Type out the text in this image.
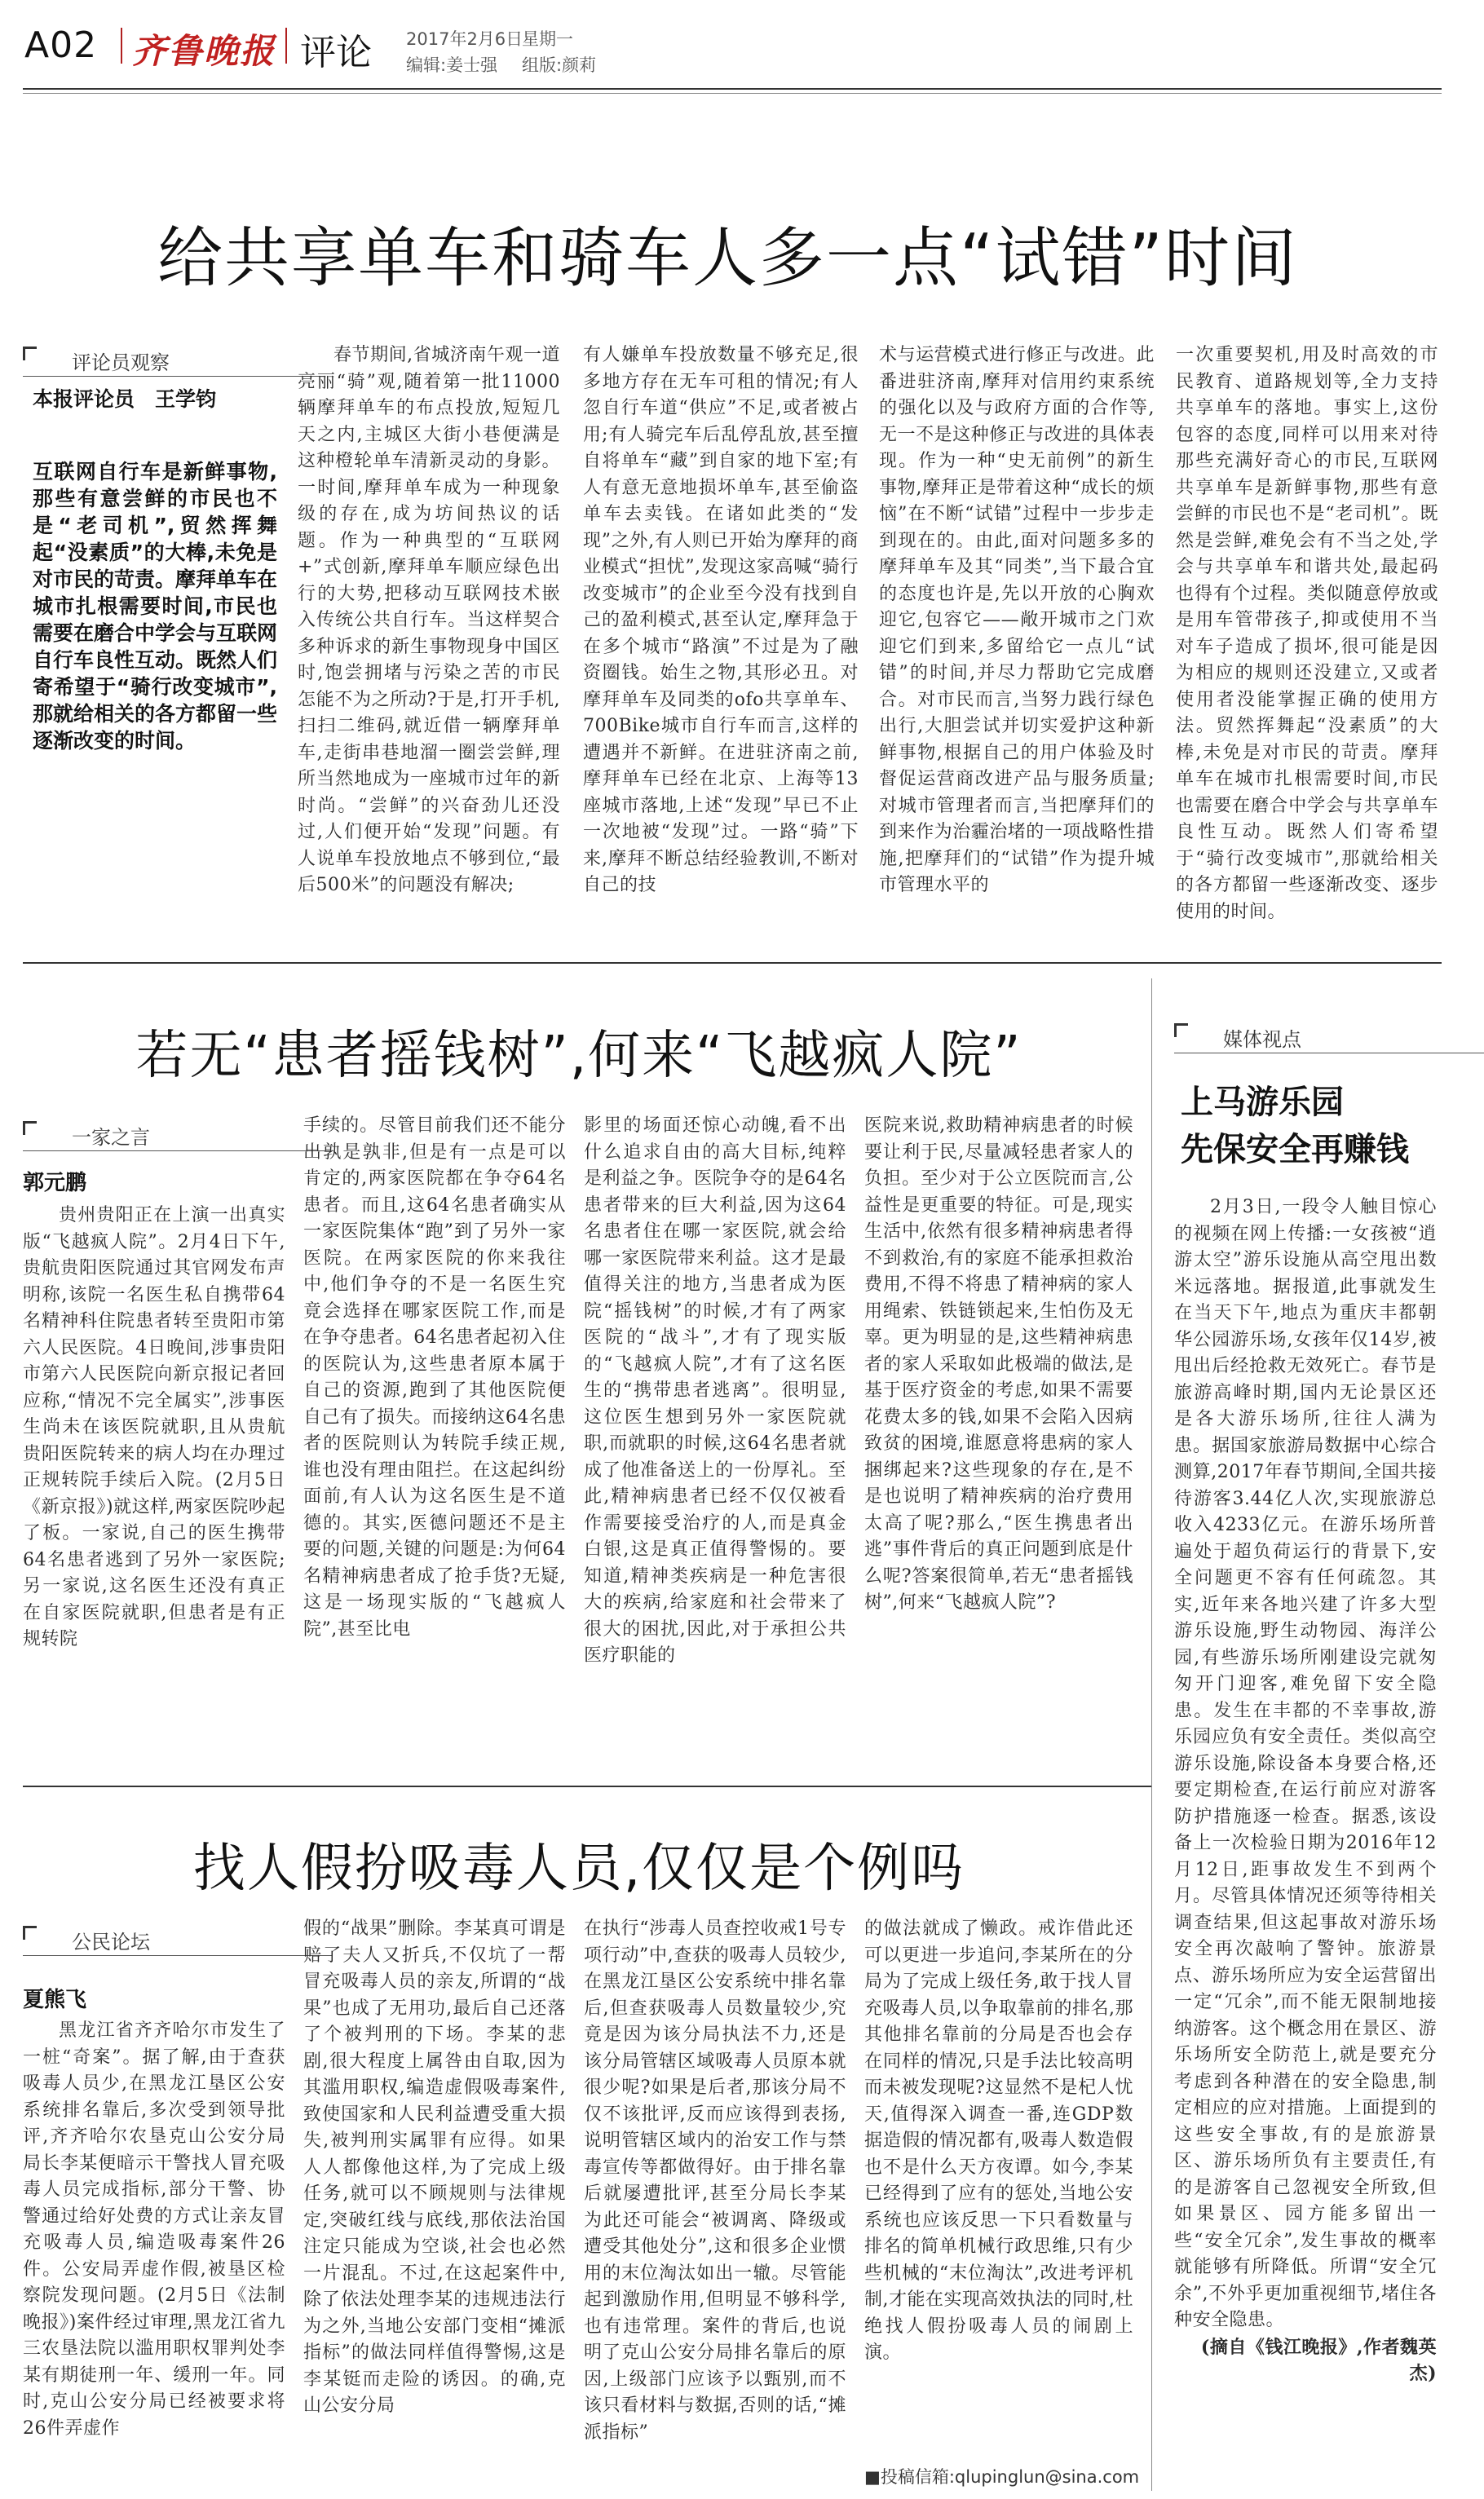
A02 齐鲁晚报 评论 2017年2月6日
星期一
编辑:姜士强 组版:颜莉
给共享单车和骑车人多一点“试错”时间
评论员观察
本报评论员　王学钧
互联网自行车是新鲜事物,那些有意尝鲜的市民也不是“老司机”,贸然挥舞起“没素质”的大棒,未免是对市民的苛责。摩拜单车在城市扎根需要时间,市民也需要在磨合中学会与互联网自行车良性互动。既然人们寄希望于“骑行改变城市”,那就给相关的各方都留一些逐渐改变的时间。

春节期间,省城济南午观一道亮丽“骑”观,随着第一批11000辆摩拜单车的布点投放,短短几天之内,主城区大街小巷便满是这种橙轮单车清新灵动的身影。一时间,摩拜单车成为一种现象级的存在,成为坊间热议的话题。作为一种典型的“互联网+”式创新,摩拜单车顺应绿色出行的大势,把移动互联网技术嵌入传统公共自行车。当这样契合多种诉求的新生事物现身中国区时,饱尝拥堵与污染之苦的市民怎能不为之所动?于是,打开手机,扫扫二维码,就近借一辆摩拜单车,走街串巷地溜一圈尝尝鲜,理所当然地成为一座城市过年的新时尚。“尝鲜”的兴奋劲儿还没过,人们便开始“发现”问题。有人说单车投放地点不够到位,“最后500米”的问题没有解决;

有人嫌单车投放数量不够充足,很多地方存在无车可租的情况;有人忽自行车道“供应”不足,或者被占用;有人骑完车后乱停乱放,甚至擅自将单车“藏”到自家的地下室;有人有意无意地损坏单车,甚至偷盗单车去卖钱。在诸如此类的“发现”之外,有人则已开始为摩拜的商业模式“担忧”,发现这家高喊“骑行改变城市”的企业至今没有找到自己的盈利模式,甚至认定,摩拜急于在多个城市“路演”不过是为了融资圈钱。始生之物,其形必丑。对摩拜单车及同类的ofo共享单车、700Bike城市自行车而言,这样的遭遇并不新鲜。在进驻济南之前,摩拜单车已经在北京、上海等13座城市落地,上述“发现”早已不止一次地被“发现”过。一路“骑”下来,摩拜不断总结经验教训,不断对自己的技

术与运营模式进行修正与改进。此番进驻济南,摩拜对信用约束系统的强化以及与政府方面的合作等,无一不是这种修正与改进的具体表现。作为一种“史无前例”的新生事物,摩拜正是带着这种“成长的烦恼”在不断“试错”过程中一步步走到现在的。由此,面对问题多多的摩拜单车及其“同类”,当下最合宜的态度也许是,先以开放的心胸欢迎它,包容它——敞开城市之门欢迎它们到来,多留给它一点儿“试错”的时间,并尽力帮助它完成磨合。对市民而言,当努力践行绿色出行,大胆尝试并切实爱护这种新鲜事物,根据自己的用户体验及时督促运营商改进产品与服务质量;对城市管理者而言,当把摩拜们的到来作为治霾治堵的一项战略性措施,把摩拜们的“试错”作为提升城市管理水平的

一次重要契机,用及时高效的市民教育、道路规划等,全力支持共享单车的落地。事实上,这份包容的态度,同样可以用来对待那些充满好奇心的市民,互联网共享单车是新鲜事物,那些有意尝鲜的市民也不是“老司机”。既然是尝鲜,难免会有不当之处,学会与共享单车和谐共处,最起码也得有个过程。类似随意停放或是用车管带孩子,抑或使用不当对车子造成了损坏,很可能是因为相应的规则还没建立,又或者使用者没能掌握正确的使用方法。贸然挥舞起“没素质”的大棒,未免是对市民的苛责。摩拜单车在城市扎根需要时间,市民也需要在磨合中学会与共享单车良性互动。既然人们寄希望于“骑行改变城市”,那就给相关的各方都留一些逐渐改变、逐步使用的时间。

若无“患者摇钱树”,何来“飞越疯人院”
一家之言
郭元鹏

贵州贵阳正在上演一出真实版“飞越疯人院”。2月4日下午,贵航贵阳医院通过其官网发布声明称,该院一名医生私自携带64名精神科住院患者转至贵阳市第六人民医院。4日晚间,涉事贵阳市第六人民医院向新京报记者回应称,“情况不完全属实”,涉事医生尚未在该医院就职,且从贵航贵阳医院转来的病人均在办理过正规转院手续后入院。(2月5日《新京报》)就这样,两家医院吵起了板。一家说,自己的医生携带64名患者逃到了另外一家医院;另一家说,这名医生还没有真正在自家医院就职,但患者是有正规转院

手续的。尽管目前我们还不能分出孰是孰非,但是有一点是可以肯定的,两家医院都在争夺64名患者。而且,这64名患者确实从一家医院集体“跑”到了另外一家医院。在两家医院的你来我往中,他们争夺的不是一名医生究竟会选择在哪家医院工作,而是在争夺患者。64名患者起初入住的医院认为,这些患者原本属于自己的资源,跑到了其他医院便自己有了损失。而接纳这64名患者的医院则认为转院手续正规,谁也没有理由阻拦。在这起纠纷面前,有人认为这名医生是不道德的。其实,医德问题还不是主要的问题,关键的问题是:为何64名精神病患者成了抢手货?无疑,这是一场现实版的“飞越疯人院”,甚至比电

影里的场面还惊心动魄,看不出什么追求自由的高大目标,纯粹是利益之争。医院争夺的是64名患者带来的巨大利益,因为这64名患者住在哪一家医院,就会给哪一家医院带来利益。这才是最值得关注的地方,当患者成为医院“摇钱树”的时候,才有了两家医院的“战斗”,才有了现实版的“飞越疯人院”,才有了这名医生的“携带患者逃离”。很明显,这位医生想到另外一家医院就职,而就职的时候,这64名患者就成了他准备送上的一份厚礼。至此,精神病患者已经不仅仅被看作需要接受治疗的人,而是真金白银,这是真正值得警惕的。要知道,精神类疾病是一种危害很大的疾病,给家庭和社会带来了很大的困扰,因此,对于承担公共医疗职能的

医院来说,救助精神病患者的时候要让利于民,尽量减轻患者家人的负担。至少对于公立医院而言,公益性是更重要的特征。可是,现实生活中,依然有很多精神病患者得不到救治,有的家庭不能承担救治费用,不得不将患了精神病的家人用绳索、铁链锁起来,生怕伤及无辜。更为明显的是,这些精神病患者的家人采取如此极端的做法,是基于医疗资金的考虑,如果不需要花费太多的钱,如果不会陷入因病致贫的困境,谁愿意将患病的家人捆绑起来?这些现象的存在,是不是也说明了精神疾病的治疗费用太高了呢?那么,“医生携患者出逃”事件背后的真正问题到底是什么呢?答案很简单,若无“患者摇钱树”,何来“飞越疯人院”?

找人假扮吸毒人员,仅仅是个例吗
公民论坛
夏熊飞

黑龙江省齐齐哈尔市发生了一桩“奇案”。据了解,由于查获吸毒人员少,在黑龙江垦区公安系统排名靠后,多次受到领导批评,齐齐哈尔农垦克山公安分局局长李某便暗示干警找人冒充吸毒人员完成指标,部分干警、协警通过给好处费的方式让亲友冒充吸毒人员,编造吸毒案件26件。公安局弄虚作假,被垦区检察院发现问题。(2月5日《法制晚报》)案件经过审理,黑龙江省九三农垦法院以滥用职权罪判处李某有期徒刑一年、缓刑一年。同时,克山公安分局已经被要求将26件弄虚作

假的“战果”删除。李某真可谓是赔了夫人又折兵,不仅坑了一帮冒充吸毒人员的亲友,所谓的“战果”也成了无用功,最后自己还落了个被判刑的下场。李某的悲剧,很大程度上属咎由自取,因为其滥用职权,编造虚假吸毒案件,致使国家和人民利益遭受重大损失,被判刑实属罪有应得。如果人人都像他这样,为了完成上级任务,就可以不顾规则与法律规定,突破红线与底线,那依法治国注定只能成为空谈,社会也必然一片混乱。不过,在这起案件中,除了依法处理李某的违规违法行为之外,当地公安部门变相“摊派指标”的做法同样值得警惕,这是李某铤而走险的诱因。的确,克山公安分局

在执行“涉毒人员查控收戒1号专项行动”中,查获的吸毒人员较少,在黑龙江垦区公安系统中排名靠后,但查获吸毒人员数量较少,究竟是因为该分局执法不力,还是该分局管辖区域吸毒人员原本就很少呢?如果是后者,那该分局不仅不该批评,反而应该得到表扬,说明管辖区域内的治安工作与禁毒宣传等都做得好。由于排名靠后就屡遭批评,甚至分局长李某为此还可能会“被调离、降级或遭受其他处分”,这和很多企业惯用的末位淘汰如出一辙。尽管能起到激励作用,但明显不够科学,也有违常理。案件的背后,也说明了克山公安分局排名靠后的原因,上级部门应该予以甄别,而不该只看材料与数据,否则的话,“摊派指标”

的做法就成了懒政。戒诈借此还可以更进一步追问,李某所在的分局为了完成上级任务,敢于找人冒充吸毒人员,以争取靠前的排名,那其他排名靠前的分局是否也会存在同样的情况,只是手法比较高明而未被发现呢?这显然不是杞人忧天,值得深入调查一番,连GDP数据造假的情况都有,吸毒人数造假也不是什么天方夜谭。如今,李某已经得到了应有的惩处,当地公安系统也应该反思一下只看数量与排名的简单机械行政思维,只有少些机械的“末位淘汰”,改进考评机制,才能在实现高效执法的同时,杜绝找人假扮吸毒人员的闹剧上演。

■投稿信箱:qlupinglun@sina.com
媒体视点
上马游乐园
先保安全再赚钱

2月3日,一段令人触目惊心的视频在网上传播:一女孩被“逍游太空”游乐设施从高空甩出数米远落地。据报道,此事就发生在当天下午,地点为重庆丰都朝华公园游乐场,女孩年仅14岁,被甩出后经抢救无效死亡。春节是旅游高峰时期,国内无论景区还是各大游乐场所,往往人满为患。据国家旅游局数据中心综合测算,2017年春节期间,全国共接待游客3.44亿人次,实现旅游总收入4233亿元。在游乐场所普遍处于超负荷运行的背景下,安全问题更不容有任何疏忽。其实,近年来各地兴建了许多大型游乐设施,野生动物园、海洋公园,有些游乐场所刚建设完就匆匆开门迎客,难免留下安全隐患。发生在丰都的不幸事故,游乐园应负有安全责任。类似高空游乐设施,除设备本身要合格,还要定期检查,在运行前应对游客防护措施逐一检查。据悉,该设备上一次检验日期为2016年12月12日,距事故发生不到两个月。尽管具体情况还须等待相关调查结果,但这起事故对游乐场安全再次敲响了警钟。旅游景点、游乐场所应为安全运营留出一定“冗余”,而不能无限制地接纳游客。这个概念用在景区、游乐场所安全防范上,就是要充分考虑到各种潜在的安全隐患,制定相应的应对措施。上面提到的这些安全事故,有的是旅游景区、游乐场所负有主要责任,有的是游客自己忽视安全所致,但如果景区、园方能多留出一些“安全冗余”,发生事故的概率就能够有所降低。所谓“安全冗余”,不外乎更加重视细节,堵住各种安全隐患。

(摘自《钱江晚报》,作者魏英杰)
